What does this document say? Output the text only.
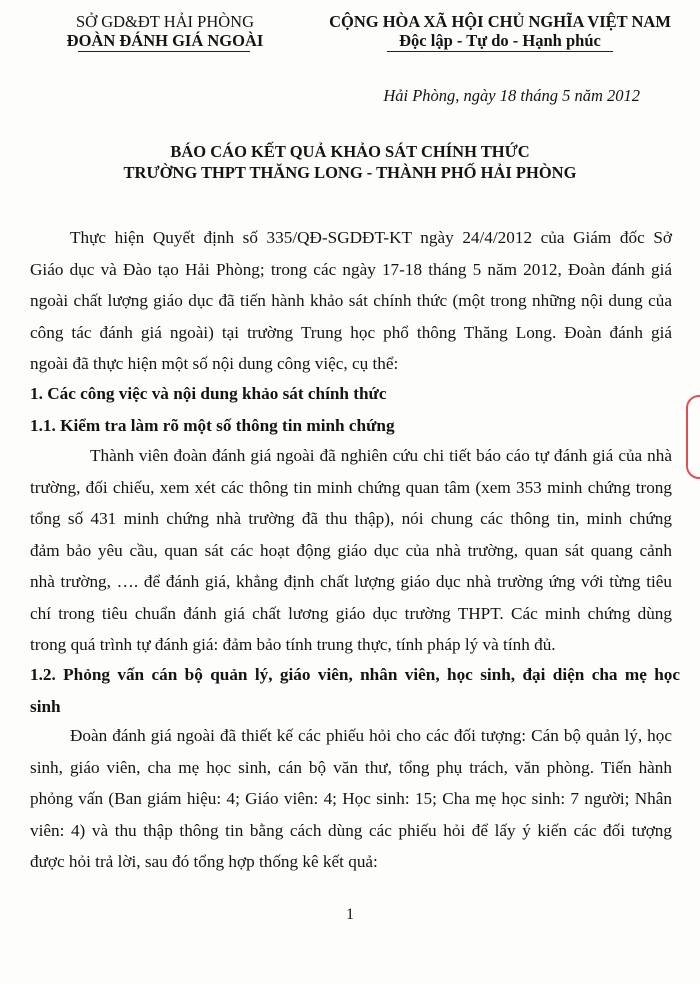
SỞ GD&ĐT HẢI PHÒNG
ĐOÀN ĐÁNH GIÁ NGOÀI
CỘNG HÒA XÃ HỘI CHỦ NGHĨA VIỆT NAM
Độc lập - Tự do - Hạnh phúc
Hải Phòng, ngày 18 tháng 5 năm 2012
BÁO CÁO KẾT QUẢ KHẢO SÁT CHÍNH THỨC
TRƯỜNG THPT THĂNG LONG - THÀNH PHỐ HẢI PHÒNG
Thực hiện Quyết định số 335/QĐ-SGDĐT-KT ngày 24/4/2012 của Giám đốc Sở
Giáo dục và Đào tạo Hải Phòng; trong các ngày 17-18 tháng 5 năm 2012, Đoàn đánh giá
ngoài chất lượng giáo dục đã tiến hành khảo sát chính thức (một trong những nội dung của
công tác đánh giá ngoài) tại trường Trung học phổ thông Thăng Long. Đoàn đánh giá
ngoài đã thực hiện một số nội dung công việc, cụ thể:
1. Các công việc và nội dung khảo sát chính thức
1.1. Kiểm tra làm rõ một số thông tin minh chứng
Thành viên đoàn đánh giá ngoài đã nghiên cứu chi tiết báo cáo tự đánh giá của nhà
trường, đối chiếu, xem xét các thông tin minh chứng quan tâm (xem 353 minh chứng trong
tổng số 431 minh chứng nhà trường đã thu thập), nói chung các thông tin, minh chứng
đảm bảo yêu cầu, quan sát các hoạt động giáo dục của nhà trường, quan sát quang cảnh
nhà trường, …. để đánh giá, khẳng định chất lượng giáo dục nhà trường ứng với từng tiêu
chí trong tiêu chuẩn đánh giá chất lương giáo dục trường THPT. Các minh chứng dùng
trong quá trình tự đánh giá: đảm bảo tính trung thực, tính pháp lý và tính đủ.
1.2. Phỏng vấn cán bộ quản lý, giáo viên, nhân viên, học sinh, đại diện cha mẹ học
sinh
Đoàn đánh giá ngoài đã thiết kế các phiếu hỏi cho các đối tượng: Cán bộ quản lý, học
sinh, giáo viên, cha mẹ học sinh, cán bộ văn thư, tổng phụ trách, văn phòng. Tiến hành
phỏng vấn (Ban giám hiệu: 4; Giáo viên: 4; Học sinh: 15; Cha mẹ học sinh: 7 người; Nhân
viên: 4) và thu thập thông tin bằng cách dùng các phiếu hỏi để lấy ý kiến các đối tượng
được hỏi trả lời, sau đó tổng hợp thống kê kết quả:
1
